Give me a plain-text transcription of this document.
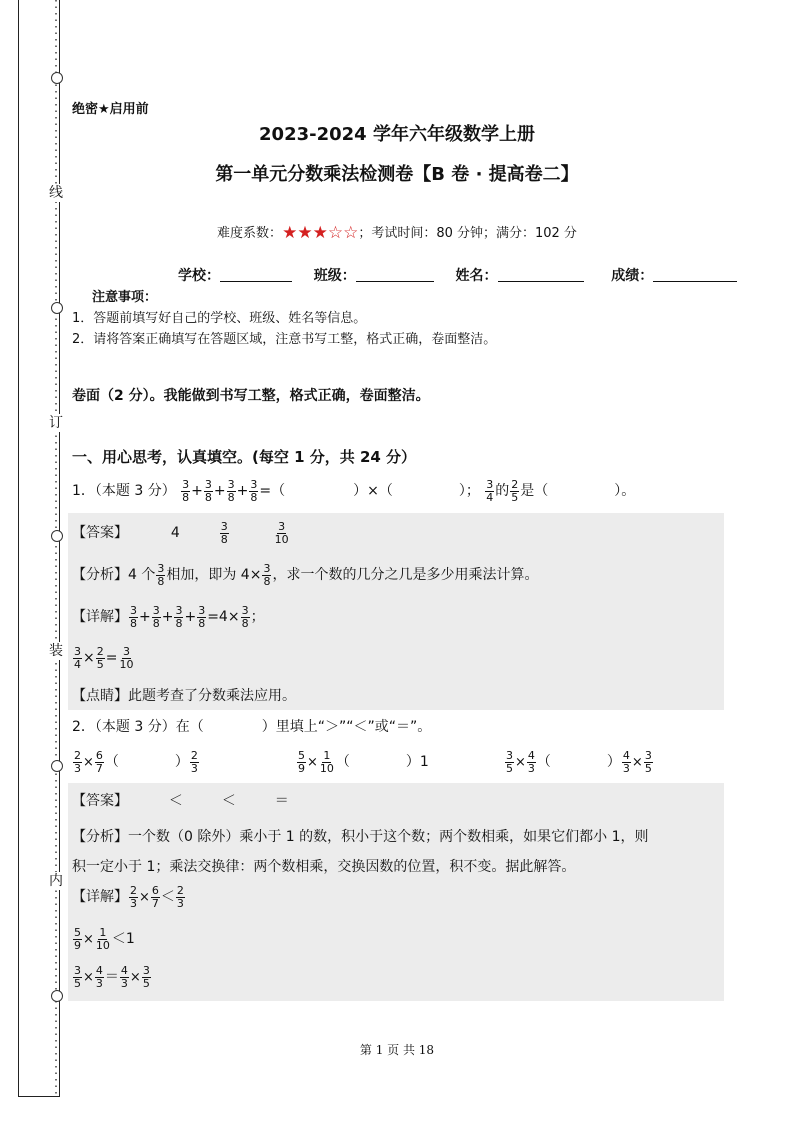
线
订
装
内
绝密★启用前
2023-2024 学年六年级数学上册
第一单元分数乘法检测卷【B 卷 · 提高卷二】
难度系数：★★★☆☆；考试时间：80 分钟；满分：102 分
学校：	班级：	姓名：	成绩：
注意事项：
1．答题前填写好自己的学校、班级、姓名等信息。
2．请将答案正确填写在答题区域，注意书写工整，格式正确，卷面整洁。
卷面（2 分）。我能做到书写工整，格式正确，卷面整洁。
一、用心思考，认真填空。(每空 1 分，共 24 分）
1．（本题 3 分） $\frac{3}{8} + \frac{3}{8} + \frac{3}{8} + \frac{3}{8}$ =（	）×（	）； $\frac{3}{4}$ 的 $\frac{2}{5}$ 是（	）。
【答案】	4	$\frac{3}{8}$
	$\frac{3}{10}$
【分析】4 个 $\frac{3}{8}$ 相加，即为 $4\times \frac{3}{8}$ ，求一个数的几分之几是多少用乘法计算。
【详解】 $\frac{3}{8} + \frac{3}{8} + \frac{3}{8} + \frac{3}{8} =4\times \frac{3}{8}$ ；
$\frac{3}{4} \times \frac{2}{5} = \frac{3}{10}$
【点睛】此题考查了分数乘法应用。
2．（本题 3 分）在（	）里填上“＞”“＜”或“＝”。
$\frac{2}{3} \times \frac{6}{7}$ （	） $\frac{2}{3}$	$\frac{5}{9} \times \frac{1}{10}$ （	）1	$\frac{3}{5} \times \frac{4}{3}$ （	） $\frac{4}{3} \times \frac{3}{5}$
【答案】	＜	＜	＝
【分析】一个数（0 除外）乘小于 1 的数，积小于这个数；两个数相乘，如果它们都小 1，则
积一定小于 1；乘法交换律：两个数相乘，交换因数的位置，积不变。据此解答。
【详解】 $\frac{2}{3} \times \frac{6}{7} < \frac{2}{3}$
$\frac{5}{9} \times \frac{1}{10} <1$
$\frac{3}{5} \times \frac{4}{3} = \frac{4}{3} \times \frac{3}{5}$
第 1 页 共 18
